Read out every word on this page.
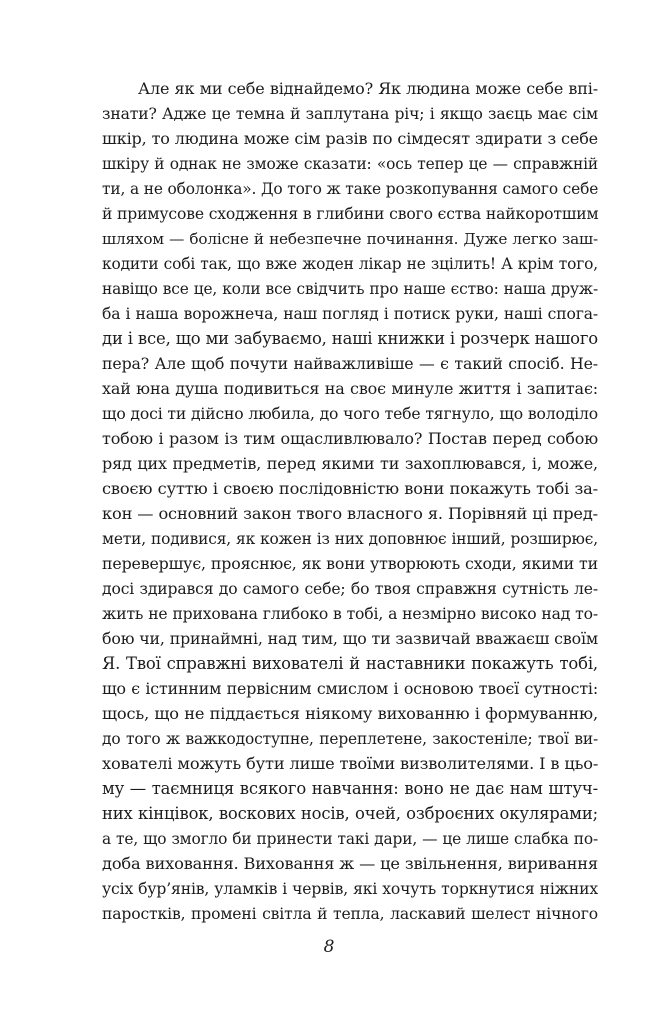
Але як ми себе віднайдемо? Як людина може себе впі-
знати? Адже це темна й заплутана річ; і якщо заєць має сім
шкір, то людина може сім разів по сімдесят здирати з себе
шкіру й однак не зможе сказати: «ось тепер це — справжній
ти, а не оболонка». До того ж таке розкопування самого себе
й примусове сходження в глибини свого єства найкоротшим
шляхом — болісне й небезпечне починання. Дуже легко заш-
кодити собі так, що вже жоден лікар не зцілить! А крім того,
навіщо все це, коли все свідчить про наше єство: наша друж-
ба і наша ворожнеча, наш погляд і потиск руки, наші спога-
ди і все, що ми забуваємо, наші книжки і розчерк нашого
пера? Але щоб почути найважливіше — є такий спосіб. Не-
хай юна душа подивиться на своє минуле життя і запитає:
що досі ти дійсно любила, до чого тебе тягнуло, що володіло
тобою і разом із тим ощасливлювало? Постав перед собою
ряд цих предметів, перед якими ти захоплювався, і, може,
своєю суттю і своєю послідовністю вони покажуть тобі за-
кон — основний закон твого власного я. Порівняй ці пред-
мети, подивися, як кожен із них доповнює інший, розширює,
перевершує, прояснює, як вони утворюють сходи, якими ти
досі здирався до самого себе; бо твоя справжня сутність ле-
жить не прихована глибоко в тобі, а незмірно високо над то-
бою чи, принаймні, над тим, що ти зазвичай вважаєш своїм
Я. Твої справжні вихователі й наставники покажуть тобі,
що є істинним первісним смислом і основою твоєї сутності:
щось, що не піддається ніякому вихованню і формуванню,
до того ж важкодоступне, переплетене, закостеніле; твої ви-
хователі можуть бути лише твоїми визволителями. І в цьо-
му — таємниця всякого навчання: воно не дає нам штуч-
них кінцівок, воскових носів, очей, озброєних окулярами;
а те, що змогло би принести такі дари, — це лише слабка по-
доба виховання. Виховання ж — це звільнення, виривання
усіх бур’янів, уламків і червів, які хочуть торкнутися ніжних
паростків, промені світла й тепла, ласкавий шелест нічного
8
